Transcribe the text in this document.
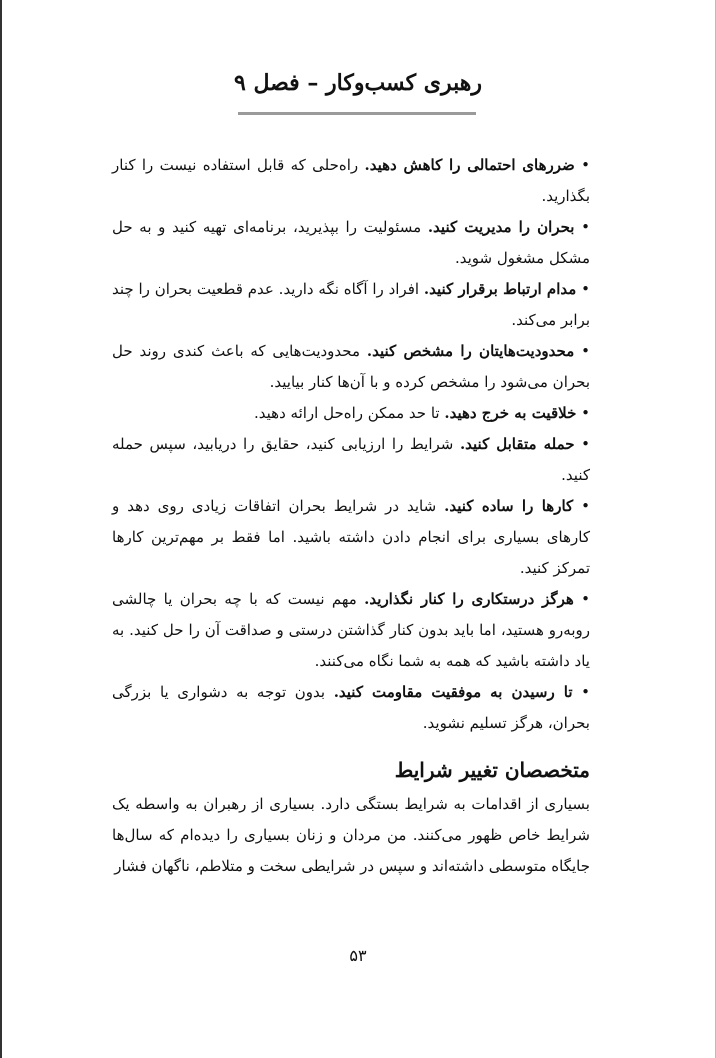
رهبری کسب‌وکار – فصل ۹

• ضررهای احتمالی را کاهش دهید. راه‌حلی که قابل استفاده نیست را کنار بگذارید.

• بحران را مدیریت کنید. مسئولیت را بپذیرید، برنامه‌ای تهیه کنید و به حل مشکل مشغول شوید.

• مدام ارتباط برقرار کنید. افراد را آگاه نگه دارید. عدم قطعیت بحران را چند برابر می‌کند.

• محدودیت‌هایتان را مشخص کنید. محدودیت‌هایی که باعث کندی روند حل بحران می‌شود را مشخص کرده و با آن‌ها کنار بیایید.

• خلاقیت به خرج دهید. تا حد ممکن راه‌حل ارائه دهید.

• حمله متقابل کنید. شرایط را ارزیابی کنید، حقایق را دریابید، سپس حمله کنید.

• کارها را ساده کنید. شاید در شرایط بحران اتفاقات زیادی روی دهد و کارهای بسیاری برای انجام دادن داشته باشید. اما فقط بر مهم‌ترین کارها تمرکز کنید.

• هرگز درستکاری را کنار نگذارید. مهم نیست که با چه بحران یا چالشی روبه‌رو هستید، اما باید بدون کنار گذاشتن درستی و صداقت آن را حل کنید. به یاد داشته باشید که همه به شما نگاه می‌کنند.

• تا رسیدن به موفقیت مقاومت کنید. بدون توجه به دشواری یا بزرگی بحران، هرگز تسلیم نشوید.

متخصصان تغییر شرایط

بسیاری از اقدامات به شرایط بستگی دارد. بسیاری از رهبران به واسطه یک شرایط خاص ظهور می‌کنند. من مردان و زنان بسیاری را دیده‌ام که سال‌ها جایگاه متوسطی داشته‌اند و سپس در شرایطی سخت و متلاطم، ناگهان فشار

۵۳
